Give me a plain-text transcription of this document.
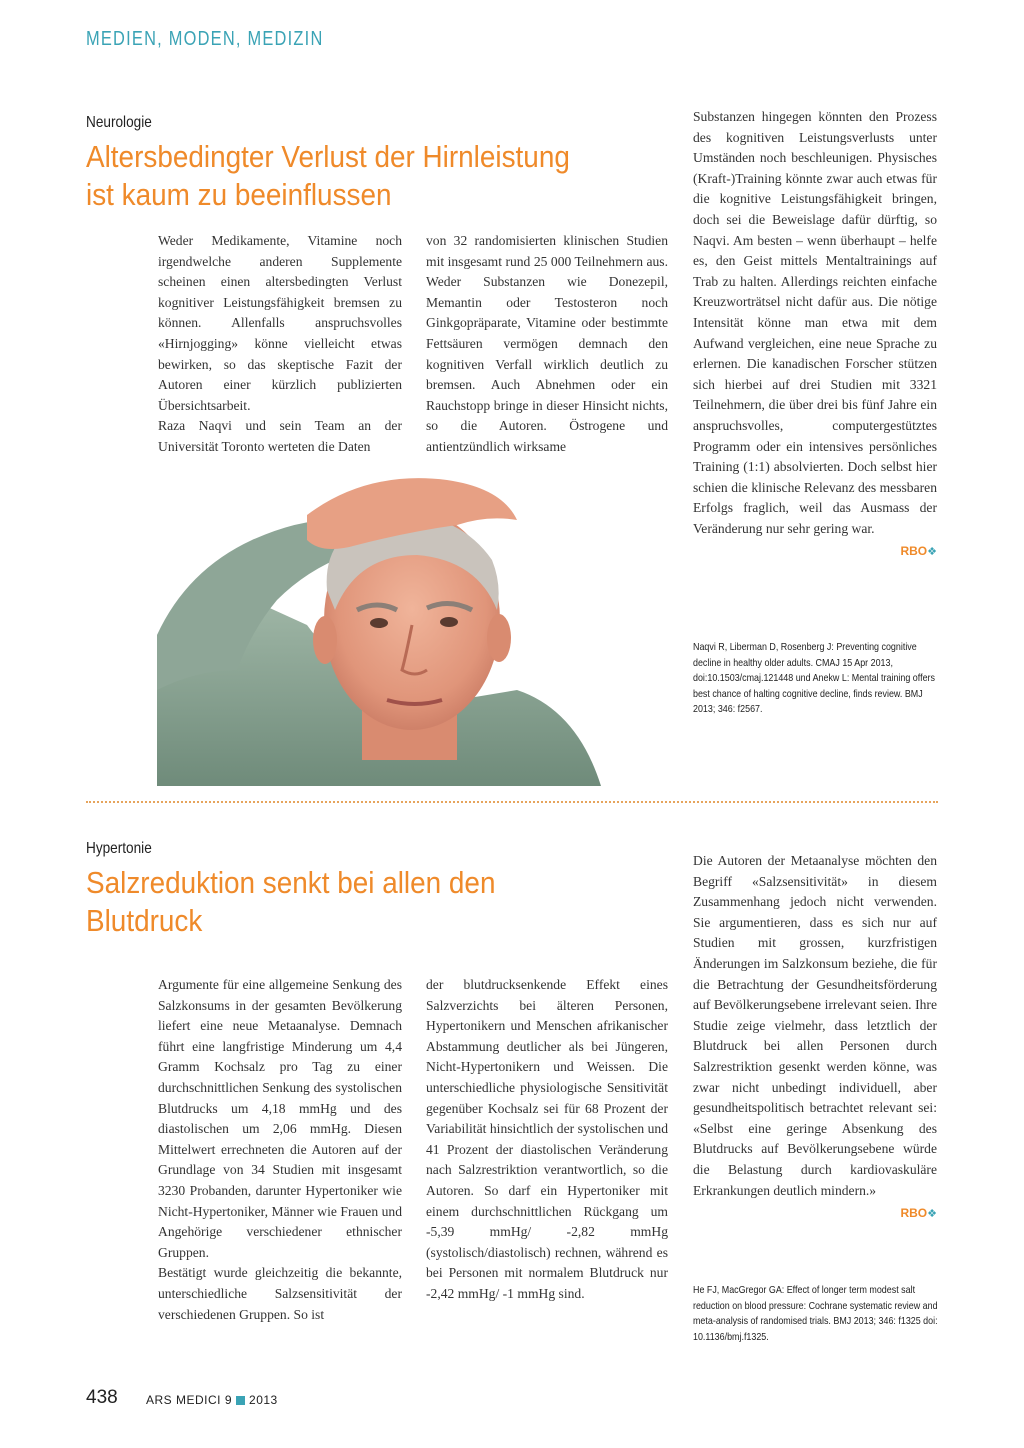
MEDIEN, MODEN, MEDIZIN
Neurologie
Altersbedingter Verlust der Hirnleistung
ist kaum zu beeinflussen

Weder Medikamente, Vitamine noch irgendwelche anderen Supplemente scheinen einen altersbedingten Verlust kognitiver Leistungsfähigkeit bremsen zu können. Allenfalls anspruchsvolles «Hirnjogging» könne vielleicht etwas bewirken, so das skeptische Fazit der Autoren einer kürzlich publizierten Übersichtsarbeit.

Raza Naqvi und sein Team an der Universität Toronto werteten die Daten

von 32 randomisierten klinischen Studien mit insgesamt rund 25 000 Teilnehmern aus. Weder Substanzen wie Donezepil, Memantin oder Testosteron noch Ginkgopräparate, Vitamine oder bestimmte Fettsäuren vermögen demnach den kognitiven Verfall wirklich deutlich zu bremsen. Auch Abnehmen oder ein Rauchstopp bringe in dieser Hinsicht nichts, so die Autoren. Östrogene und antientzündlich wirksame

Substanzen hingegen könnten den Prozess des kognitiven Leistungsverlusts unter Umständen noch beschleunigen. Physisches (Kraft-)Training könnte zwar auch etwas für die kognitive Leistungsfähigkeit bringen, doch sei die Beweislage dafür dürftig, so Naqvi. Am besten – wenn überhaupt – helfe es, den Geist mittels Mentaltrainings auf Trab zu halten. Allerdings reichten einfache Kreuzworträtsel nicht dafür aus. Die nötige Intensität könne man etwa mit dem Aufwand vergleichen, eine neue Sprache zu erlernen. Die kanadischen Forscher stützen sich hierbei auf drei Studien mit 3321 Teilnehmern, die über drei bis fünf Jahre ein anspruchsvolles, computergestütztes Programm oder ein intensives persönliches Training (1:1) absolvierten. Doch selbst hier schien die klinische Relevanz des messbaren Erfolgs fraglich, weil das Ausmass der Veränderung nur sehr gering war.

RBO❖
Naqvi R, Liberman D, Rosenberg J: Preventing cognitive decline in healthy older adults. CMAJ 15 Apr 2013, doi:10.1503/cmaj.121448 und Anekw L: Mental training offers best chance of halting cognitive decline, finds review. BMJ 2013; 346: f2567.
Hypertonie
Salzreduktion senkt bei allen den
Blutdruck

Argumente für eine allgemeine Senkung des Salzkonsums in der gesamten Bevölkerung liefert eine neue Metaanalyse. Demnach führt eine langfristige Minderung um 4,4 Gramm Kochsalz pro Tag zu einer durchschnittlichen Senkung des systolischen Blutdrucks um 4,18 mmHg und des diastolischen um 2,06 mmHg. Diesen Mittelwert errechneten die Autoren auf der Grundlage von 34 Studien mit insgesamt 3230 Probanden, darunter Hypertoniker wie Nicht-Hypertoniker, Männer wie Frauen und Angehörige verschiedener ethnischer Gruppen.

Bestätigt wurde gleichzeitig die bekannte, unterschiedliche Salzsensitivität der verschiedenen Gruppen. So ist

der blutdrucksenkende Effekt eines Salzverzichts bei älteren Personen, Hypertonikern und Menschen afrikanischer Abstammung deutlicher als bei Jüngeren, Nicht-Hypertonikern und Weissen. Die unterschiedliche physiologische Sensitivität gegenüber Kochsalz sei für 68 Prozent der Variabilität hinsichtlich der systolischen und 41 Prozent der diastolischen Veränderung nach Salzrestriktion verantwortlich, so die Autoren. So darf ein Hypertoniker mit einem durchschnittlichen Rückgang um -5,39 mmHg/ -2,82 mmHg (systolisch/diastolisch) rechnen, während es bei Personen mit normalem Blutdruck nur -2,42 mmHg/ -1 mmHg sind.

Die Autoren der Metaanalyse möchten den Begriff «Salzsensitivität» in diesem Zusammenhang jedoch nicht verwenden. Sie argumentieren, dass es sich nur auf Studien mit grossen, kurzfristigen Änderungen im Salzkonsum beziehe, die für die Betrachtung der Gesundheitsförderung auf Bevölkerungsebene irrelevant seien. Ihre Studie zeige vielmehr, dass letztlich der Blutdruck bei allen Personen durch Salzrestriktion gesenkt werden könne, was zwar nicht unbedingt individuell, aber gesundheitspolitisch betrachtet relevant sei: «Selbst eine geringe Absenkung des Blutdrucks auf Bevölkerungsebene würde die Belastung durch kardiovaskuläre Erkrankungen deutlich mindern.»

RBO❖
He FJ, MacGregor GA: Effect of longer term modest salt reduction on blood pressure: Cochrane systematic review and meta-analysis of randomised trials. BMJ 2013; 346: f1325 doi: 10.1136/bmj.f1325.
438 ARS MEDICI 9 2013
